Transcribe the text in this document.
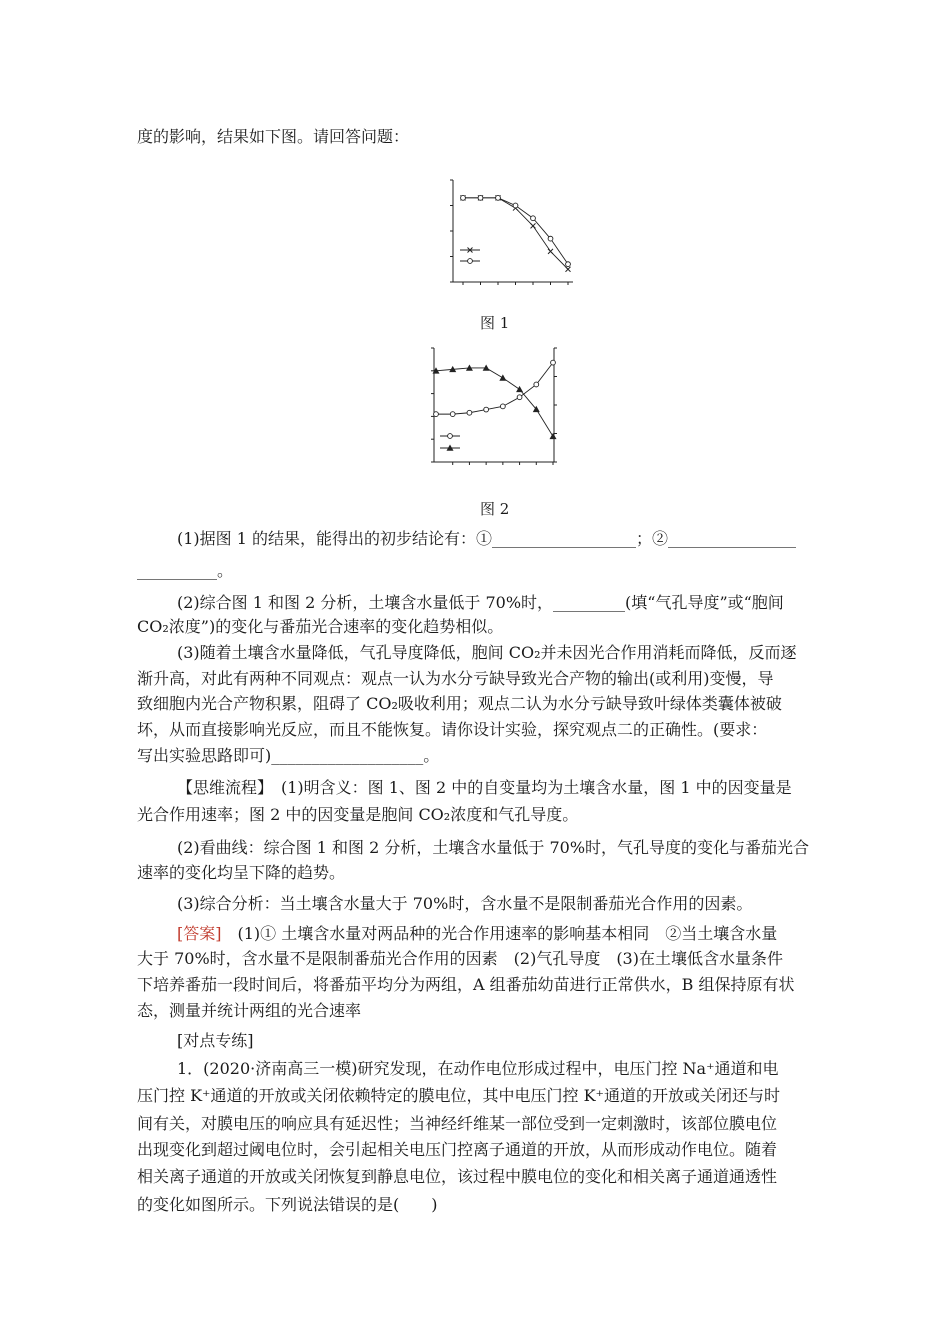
度的影响，结果如下图。请回答问题：
图 1
图 2
(1)据图 1 的结果，能得出的初步结论有：①__________________；②________________
__________。
(2)综合图 1 和图 2 分析，土壤含水量低于 70%时，_________(填“气孔导度”或“胞间
CO₂浓度”)的变化与番茄光合速率的变化趋势相似。
(3)随着土壤含水量降低，气孔导度降低，胞间 CO₂并未因光合作用消耗而降低，反而逐
渐升高，对此有两种不同观点：观点一认为水分亏缺导致光合产物的输出(或利用)变慢，导
致细胞内光合产物积累，阻碍了 CO₂吸收利用；观点二认为水分亏缺导致叶绿体类囊体被破
坏，从而直接影响光反应，而且不能恢复。请你设计实验，探究观点二的正确性。(要求：
写出实验思路即可)___________________。
【思维流程】　(1)明含义：图 1、图 2 中的自变量均为土壤含水量，图 1 中的因变量是
光合作用速率；图 2 中的因变量是胞间 CO₂浓度和气孔导度。
(2)看曲线：综合图 1 和图 2 分析，土壤含水量低于 70%时，气孔导度的变化与番茄光合
速率的变化均呈下降的趋势。
(3)综合分析：当土壤含水量大于 70%时，含水量不是限制番茄光合作用的因素。
[答案]　(1)① 土壤含水量对两品种的光合作用速率的影响基本相同　②当土壤含水量
大于 70%时，含水量不是限制番茄光合作用的因素　(2)气孔导度　(3)在土壤低含水量条件
下培养番茄一段时间后，将番茄平均分为两组，A 组番茄幼苗进行正常供水，B 组保持原有状
态，测量并统计两组的光合速率
[对点专练]
1．(2020·济南高三一模)研究发现，在动作电位形成过程中，电压门控 Na⁺通道和电
压门控 K⁺通道的开放或关闭依赖特定的膜电位，其中电压门控 K⁺通道的开放或关闭还与时
间有关，对膜电压的响应具有延迟性；当神经纤维某一部位受到一定刺激时，该部位膜电位
出现变化到超过阈电位时，会引起相关电压门控离子通道的开放，从而形成动作电位。随着
相关离子通道的开放或关闭恢复到静息电位，该过程中膜电位的变化和相关离子通道通透性
的变化如图所示。下列说法错误的是(　　)
